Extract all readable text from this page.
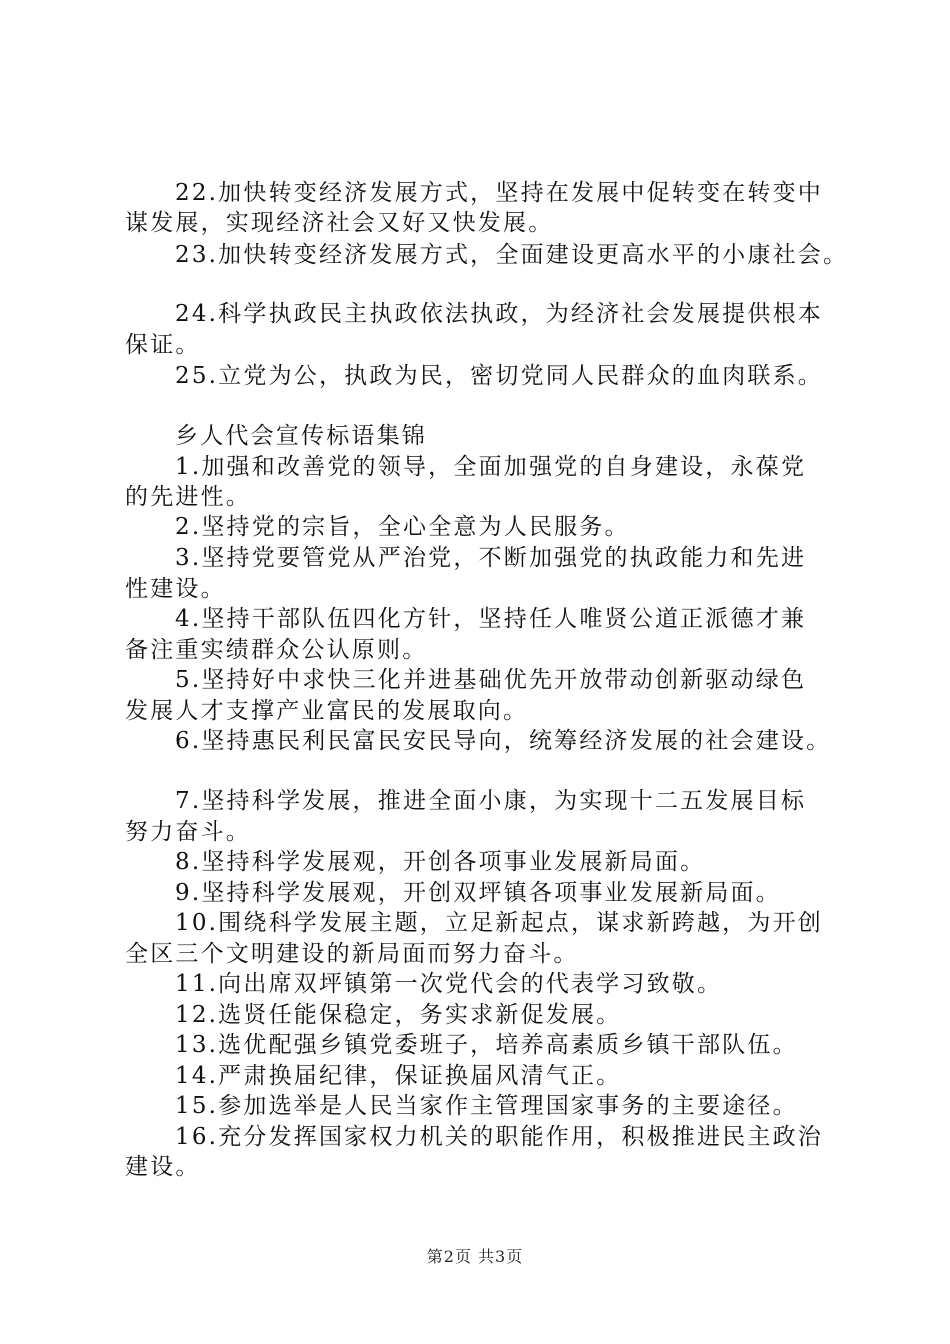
22.加快转变经济发展方式，坚持在发展中促转变在转变中
谋发展，实现经济社会又好又快发展。
23.加快转变经济发展方式，全面建设更高水平的小康社会。
24.科学执政民主执政依法执政，为经济社会发展提供根本
保证。
25.立党为公，执政为民，密切党同人民群众的血肉联系。
乡人代会宣传标语集锦
1.加强和改善党的领导，全面加强党的自身建设，永葆党
的先进性。
2.坚持党的宗旨，全心全意为人民服务。
3.坚持党要管党从严治党，不断加强党的执政能力和先进
性建设。
4.坚持干部队伍四化方针，坚持任人唯贤公道正派德才兼
备注重实绩群众公认原则。
5.坚持好中求快三化并进基础优先开放带动创新驱动绿色
发展人才支撑产业富民的发展取向。
6.坚持惠民利民富民安民导向，统筹经济发展的社会建设。
7.坚持科学发展，推进全面小康，为实现十二五发展目标
努力奋斗。
8.坚持科学发展观，开创各项事业发展新局面。
9.坚持科学发展观，开创双坪镇各项事业发展新局面。
10.围绕科学发展主题，立足新起点，谋求新跨越，为开创
全区三个文明建设的新局面而努力奋斗。
11.向出席双坪镇第一次党代会的代表学习致敬。
12.选贤任能保稳定，务实求新促发展。
13.选优配强乡镇党委班子，培养高素质乡镇干部队伍。
14.严肃换届纪律，保证换届风清气正。
15.参加选举是人民当家作主管理国家事务的主要途径。
16.充分发挥国家权力机关的职能作用，积极推进民主政治
建设。
第2页 共3页
